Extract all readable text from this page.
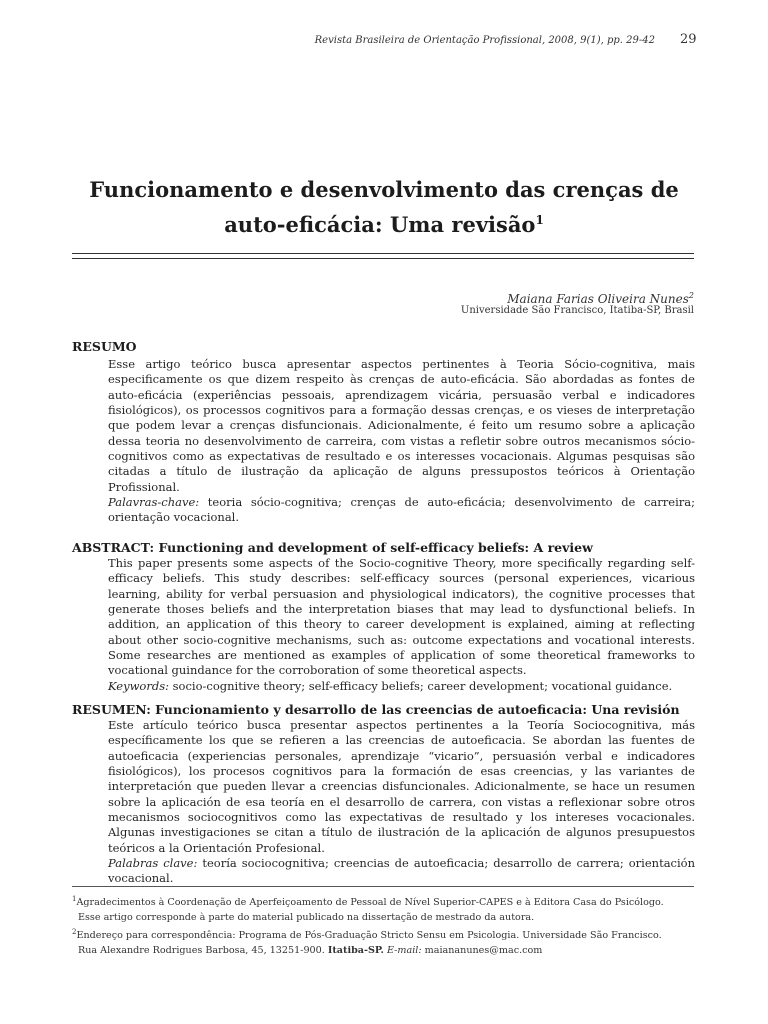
Revista Brasileira de Orientação Profissional, 2008, 9(1), pp. 29-42 29
Funcionamento e desenvolvimento das crenças de
auto-eficácia: Uma revisão$^1$
Maiana Farias Oliveira Nunes$^2$
Universidade São Francisco, Itatiba-SP, Brasil
RESUMO

Esse artigo teórico busca apresentar aspectos pertinentes à Teoria Sócio-cognitiva, mais especificamente os que dizem respeito às crenças de auto-eficácia. São abordadas as fontes de auto-eficácia (experiências pessoais, aprendizagem vicária, persuasão verbal e indicadores fisiológicos), os processos cognitivos para a formação dessas crenças, e os vieses de interpretação que podem levar a crenças disfuncionais. Adicionalmente, é feito um resumo sobre a aplicação dessa teoria no desenvolvimento de carreira, com vistas a refletir sobre outros mecanismos sócio-cognitivos como as expectativas de resultado e os interesses vocacionais. Algumas pesquisas são citadas a título de ilustração da aplicação de alguns pressupostos teóricos à Orientação Profissional.

Palavras-chave: teoria sócio-cognitiva; crenças de auto-eficácia; desenvolvimento de carreira; orientação vocacional.

ABSTRACT: Functioning and development of self-efficacy beliefs: A review

This paper presents some aspects of the Socio-cognitive Theory, more specifically regarding self-efficacy beliefs. This study describes: self-efficacy sources (personal experiences, vicarious learning, ability for verbal persuasion and physiological indicators), the cognitive processes that generate thoses beliefs and the interpretation biases that may lead to dysfunctional beliefs. In addition, an application of this theory to career development is explained, aiming at reflecting about other socio-cognitive mechanisms, such as: outcome expectations and vocational interests. Some researches are mentioned as examples of application of some theoretical frameworks to vocational guindance for the corroboration of some theoretical aspects.

Keywords: socio-cognitive theory; self-efficacy beliefs; career development; vocational guidance.

RESUMEN: Funcionamiento y desarrollo de las creencias de autoeficacia: Una revisión

Este artículo teórico busca presentar aspectos pertinentes a la Teoría Sociocognitiva, más específicamente los que se refieren a las creencias de autoeficacia. Se abordan las fuentes de autoeficacia (experiencias personales, aprendizaje “vicario”, persuasión verbal e indicadores fisiológicos), los procesos cognitivos para la formación de esas creencias, y las variantes de interpretación que pueden llevar a creencias disfuncionales. Adicionalmente, se hace un resumen sobre la aplicación de esa teoría en el desarrollo de carrera, con vistas a reflexionar sobre otros mecanismos sociocognitivos como las expectativas de resultado y los intereses vocacionales. Algunas investigaciones se citan a título de ilustración de la aplicación de algunos presupuestos teóricos a la Orientación Profesional.

Palabras clave: teoría sociocognitiva; creencias de autoeficacia; desarrollo de carrera; orientación vocacional.

$^1$Agradecimentos à Coordenação de Aperfeiçoamento de Pessoal de Nível Superior-CAPES e à Editora Casa do Psicólogo.

Esse artigo corresponde à parte do material publicado na dissertação de mestrado da autora.

$^2$Endereço para correspondência: Programa de Pós-Graduação Stricto Sensu em Psicologia. Universidade São Francisco.

Rua Alexandre Rodrigues Barbosa, 45, 13251-900. Itatiba-SP. E-mail: maiananunes@mac.com
